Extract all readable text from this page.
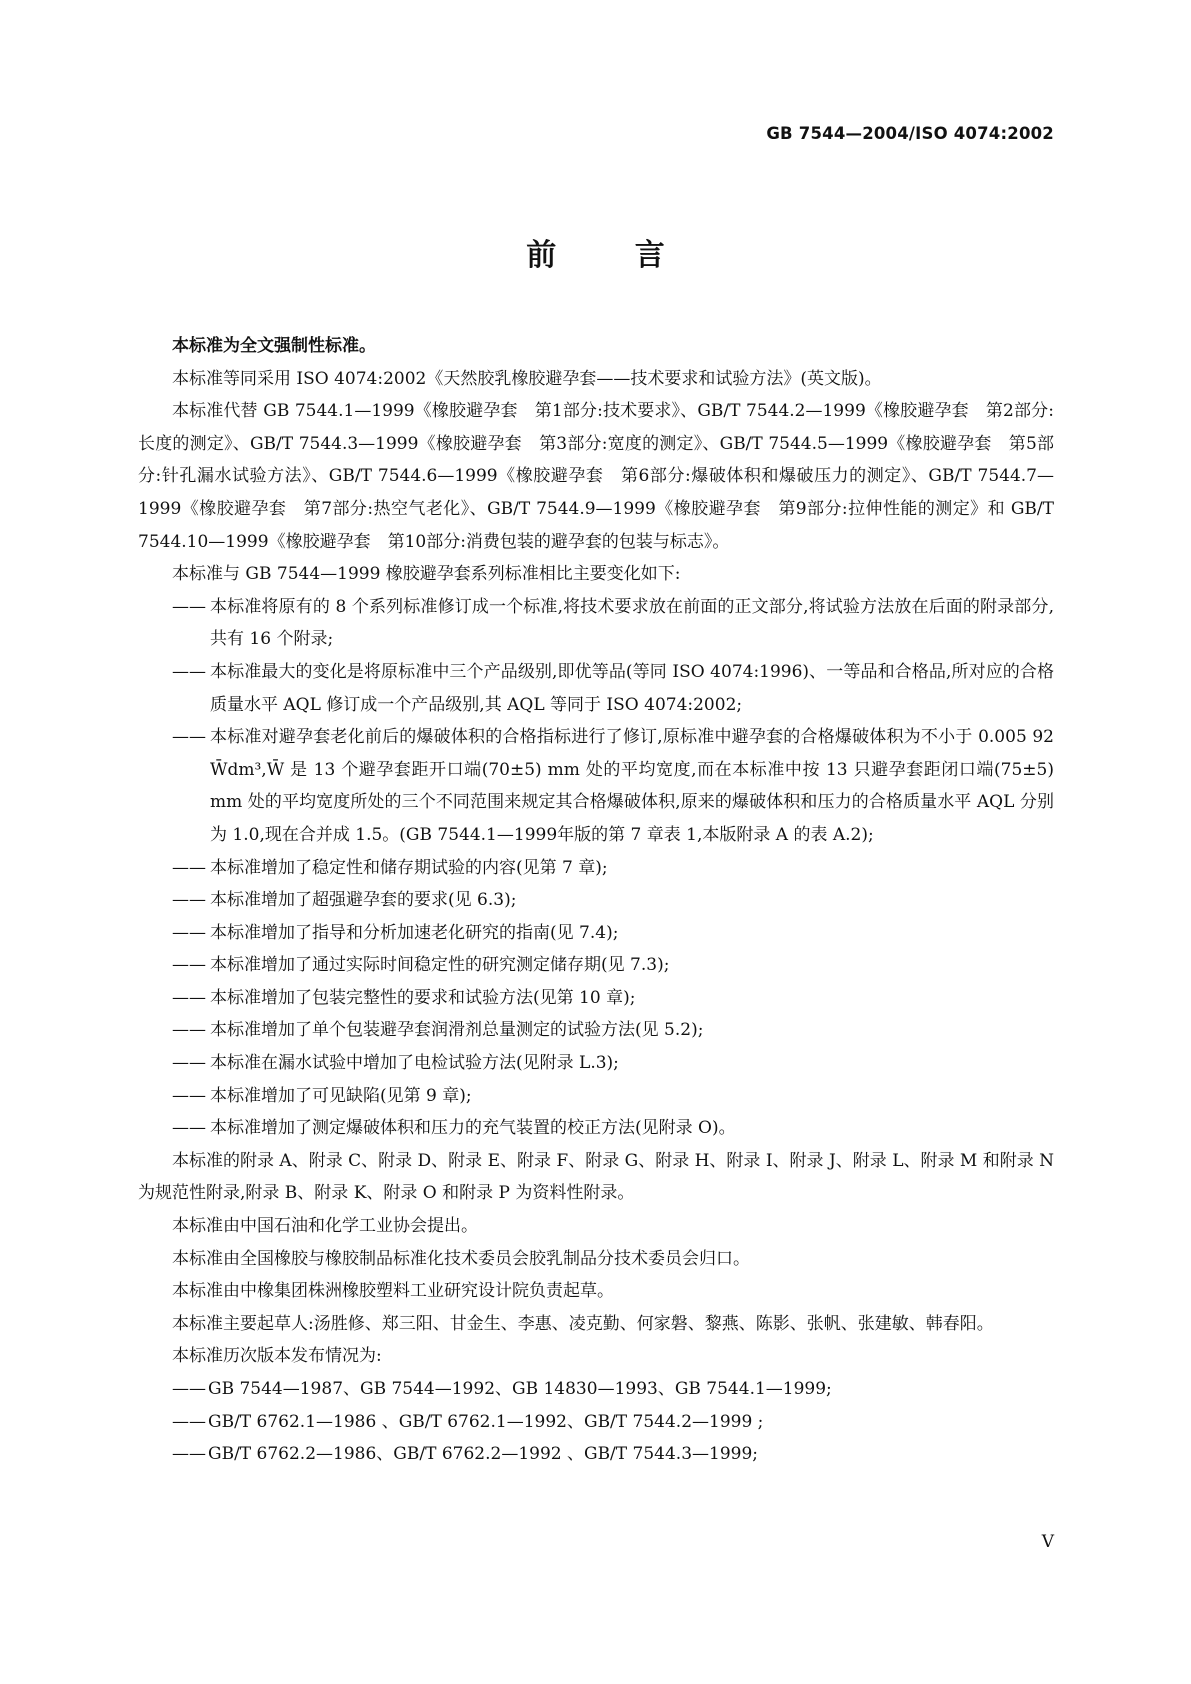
GB 7544—2004/ISO 4074:2002
前 言

本标准为全文强制性标准。

本标准等同采用 ISO 4074:2002《天然胶乳橡胶避孕套——技术要求和试验方法》(英文版)。

本标准代替 GB 7544.1—1999《橡胶避孕套　第1部分:技术要求》、GB/T 7544.2—1999《橡胶避孕套　第2部分:长度的测定》、GB/T 7544.3—1999《橡胶避孕套　第3部分:宽度的测定》、GB/T 7544.5—1999《橡胶避孕套　第5部分:针孔漏水试验方法》、GB/T 7544.6—1999《橡胶避孕套　第6部分:爆破体积和爆破压力的测定》、GB/T 7544.7—1999《橡胶避孕套　第7部分:热空气老化》、GB/T 7544.9—1999《橡胶避孕套　第9部分:拉伸性能的测定》和 GB/T 7544.10—1999《橡胶避孕套　第10部分:消费包装的避孕套的包装与标志》。

本标准与 GB 7544—1999 橡胶避孕套系列标准相比主要变化如下:

—— 本标准将原有的 8 个系列标准修订成一个标准,将技术要求放在前面的正文部分,将试验方法放在后面的附录部分,共有 16 个附录;
—— 本标准最大的变化是将原标准中三个产品级别,即优等品(等同 ISO 4074:1996)、一等品和合格品,所对应的合格质量水平 AQL 修订成一个产品级别,其 AQL 等同于 ISO 4074:2002;
—— 本标准对避孕套老化前后的爆破体积的合格指标进行了修订,原标准中避孕套的合格爆破体积为不小于 0.005 92 W̄dm³,W̄ 是 13 个避孕套距开口端(70±5) mm 处的平均宽度,而在本标准中按 13 只避孕套距闭口端(75±5) mm 处的平均宽度所处的三个不同范围来规定其合格爆破体积,原来的爆破体积和压力的合格质量水平 AQL 分别为 1.0,现在合并成 1.5。(GB 7544.1—1999年版的第 7 章表 1,本版附录 A 的表 A.2);
—— 本标准增加了稳定性和储存期试验的内容(见第 7 章);
—— 本标准增加了超强避孕套的要求(见 6.3);
—— 本标准增加了指导和分析加速老化研究的指南(见 7.4);
—— 本标准增加了通过实际时间稳定性的研究测定储存期(见 7.3);
—— 本标准增加了包装完整性的要求和试验方法(见第 10 章);
—— 本标准增加了单个包装避孕套润滑剂总量测定的试验方法(见 5.2);
—— 本标准在漏水试验中增加了电检试验方法(见附录 L.3);
—— 本标准增加了可见缺陷(见第 9 章);
—— 本标准增加了测定爆破体积和压力的充气装置的校正方法(见附录 O)。

本标准的附录 A、附录 C、附录 D、附录 E、附录 F、附录 G、附录 H、附录 I、附录 J、附录 L、附录 M 和附录 N 为规范性附录,附录 B、附录 K、附录 O 和附录 P 为资料性附录。

本标准由中国石油和化学工业协会提出。

本标准由全国橡胶与橡胶制品标准化技术委员会胶乳制品分技术委员会归口。

本标准由中橡集团株洲橡胶塑料工业研究设计院负责起草。

本标准主要起草人:汤胜修、郑三阳、甘金生、李惠、凌克勤、何家磐、黎燕、陈影、张帆、张建敏、韩春阳。

本标准历次版本发布情况为:

—— GB 7544—1987、GB 7544—1992、GB 14830—1993、GB 7544.1—1999;
—— GB/T 6762.1—1986 、GB/T 6762.1—1992、GB/T 7544.2—1999 ;
—— GB/T 6762.2—1986、GB/T 6762.2—1992 、GB/T 7544.3—1999;
V
